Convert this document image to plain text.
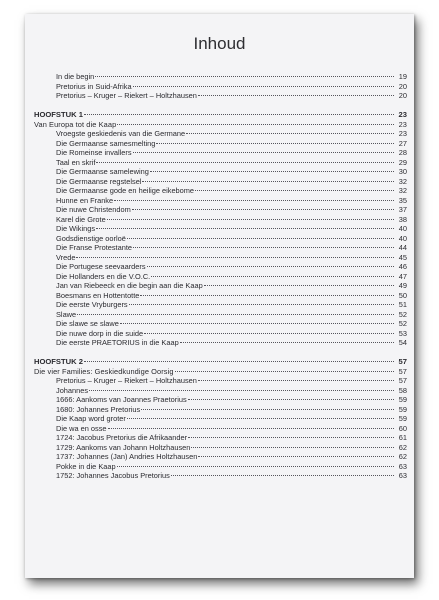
Inhoud
In die begin	19
Pretorius in Suid-Afrika	20
Pretorius – Kruger – Riekert – Holtzhausen	20
HOOFSTUK 1	23
Van Europa tot die Kaap	23
Vroegste geskiedenis van die Germane	23
Die Germaanse samesmelting	27
Die Romeinse invallers	28
Taal en skrif	29
Die Germaanse samelewing	30
Die Germaanse regstelsel	32
Die Germaanse gode en heilige eikebome	32
Hunne en Franke	35
Die nuwe Christendom	37
Karel die Grote	38
Die Wikings	40
Godsdienstige oorloë	40
Die Franse Protestante	44
Vrede	45
Die Portugese seevaarders	46
Die Hollanders en die V.O.C.	47
Jan van Riebeeck en die begin aan die Kaap	49
Boesmans en Hottentotte	50
Die eerste Vryburgers	51
Slawe	52
Die slawe se slawe	52
Die nuwe dorp in die suide	53
Die eerste PRAETORIUS in die Kaap	54
HOOFSTUK 2	57
Die vier Families: Geskiedkundige Oorsig	57
Pretorius – Kruger – Riekert – Holtzhausen	57
Johannes	58
1666: Aankoms van Joannes Praetorius	59
1680: Johannes Pretorius	59
Die Kaap word groter	59
Die wa en osse	60
1724: Jacobus Pretorius die Afrikaander	61
1729: Aankoms van Johann Holtzhausen	62
1737: Johannes (Jan) Andries Holtzhausen	62
Pokke in die Kaap	63
1752: Johannes Jacobus Pretorius	63
